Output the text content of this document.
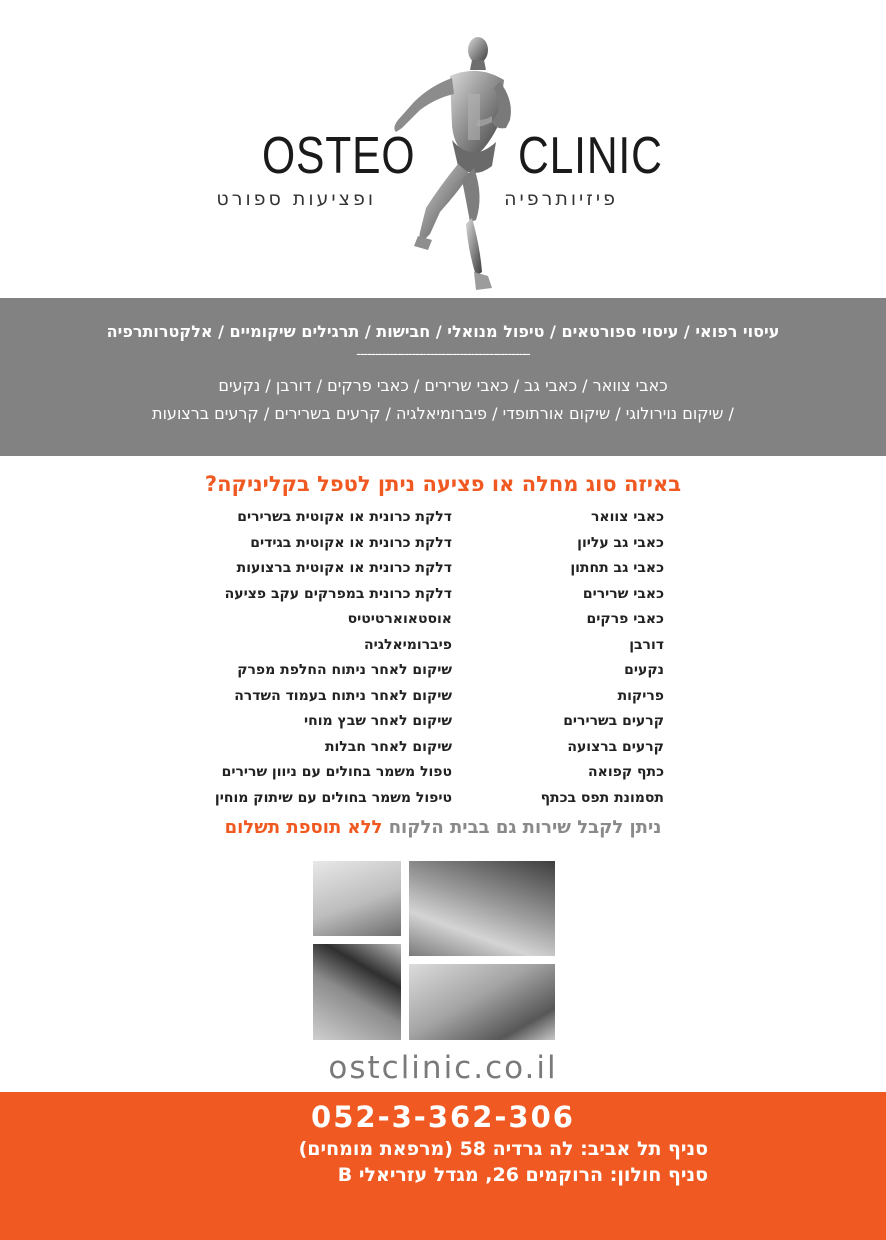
OSTEO CLINIC
פיזיותרפיה
ופציעות ספורט
עיסוי רפואי / עיסוי ספורטאים / טיפול מנואלי / חבישות / תרגילים שיקומיים / אלקטרותרפיה
-----------------------------------------------
כאבי צוואר / כאבי גב / כאבי שרירים / כאבי פרקים / דורבן / נקעים
/ שיקום נוירולוגי / שיקום אורתופדי / פיברומיאלגיה / קרעים בשרירים / קרעים ברצועות
באיזה סוג מחלה או פציעה ניתן לטפל בקליניקה?
כאבי צוואר
כאבי גב עליון
כאבי גב תחתון
כאבי שרירים
כאבי פרקים
דורבן
נקעים
פריקות
קרעים בשרירים
קרעים ברצועה
כתף קפואה
תסמונת תפס בכתף
דלקת כרונית או אקוטית בשרירים
דלקת כרונית או אקוטית בגידים
דלקת כרונית או אקוטית ברצועות
דלקת כרונית במפרקים עקב פציעה
אוסטאוארטיטיס
פיברומיאלגיה
שיקום לאחר ניתוח החלפת מפרק
שיקום לאחר ניתוח בעמוד השדרה
שיקום לאחר שבץ מוחי
שיקום לאחר חבלות
טפול משמר בחולים עם ניוון שרירים
טיפול משמר בחולים עם שיתוק מוחין
ניתן לקבל שירות גם בבית הלקוח ללא תוספת תשלום
ostclinic.co.il
052-3-362-306
סניף תל אביב: לה גרדיה 58 (מרפאת מומחים)
סניף חולון: הרוקמים 26, מגדל עזריאלי B
